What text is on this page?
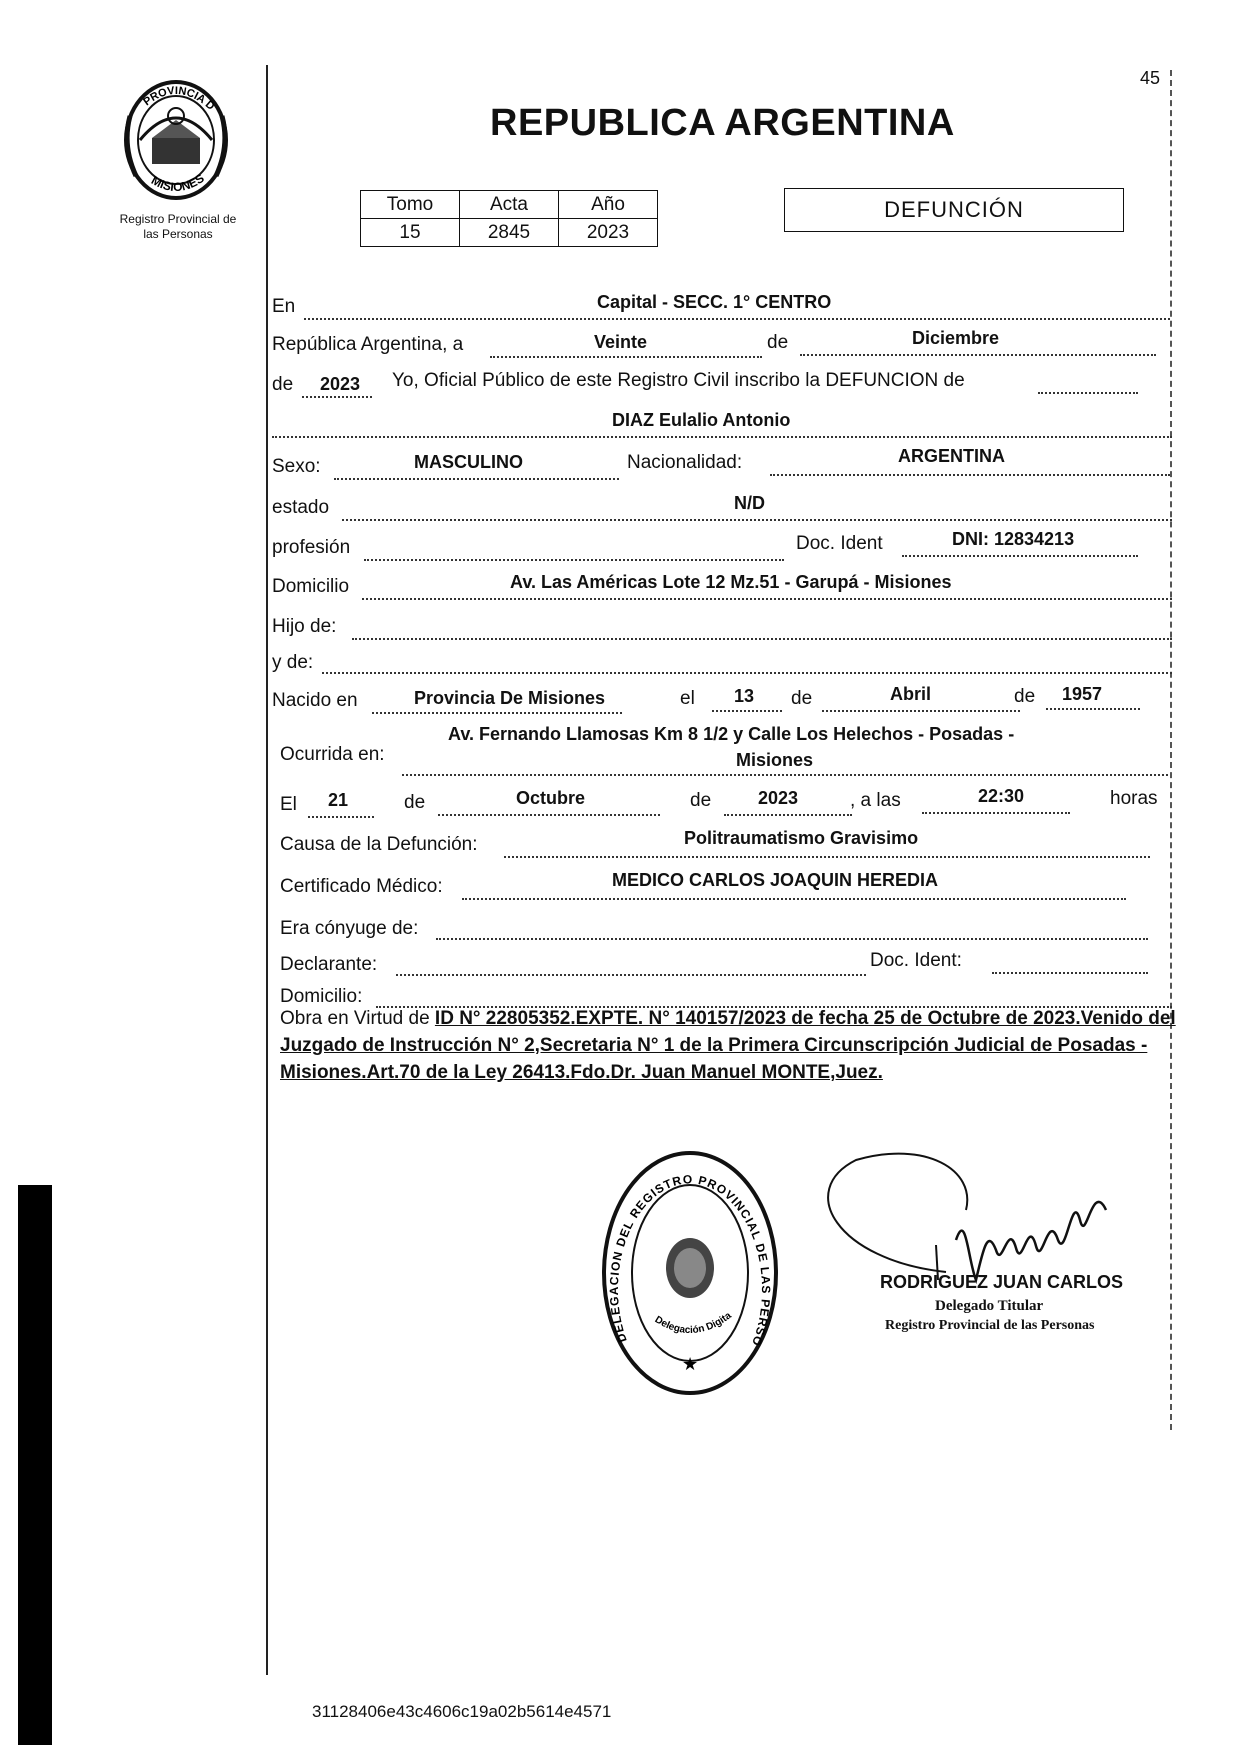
PROVINCIA D
MISIONES
Registro Provincial de
las Personas
REPUBLICA ARGENTINA
45
Tomo	Acta	Año
15	2845	2023
DEFUNCIÓN
En	Capital - SECC. 1° CENTRO
República Argentina, a	Veinte	de	Diciembre
de 2023 Yo, Oficial Público de este Registro Civil inscribo la DEFUNCION de
DIAZ Eulalio Antonio
Sexo:	MASCULINO	Nacionalidad:	ARGENTINA
estado	N/D
profesión	Doc. Ident	DNI: 12834213
Domicilio	Av. Las Américas Lote 12 Mz.51 - Garupá - Misiones
Hijo de:
y de:
Nacido en	Provincia De Misiones	el 13 de	Abril	de 1957
Ocurrida en:
Av. Fernando Llamosas Km 8 1/2 y Calle Los Helechos - Posadas -
Misiones
El 21	de	Octubre	de	2023	, a las	22:30	horas
Causa de la Defunción:	Politraumatismo Gravisimo
Certificado Médico:	MEDICO CARLOS JOAQUIN HEREDIA
Era cónyuge de:
Declarante:	Doc. Ident:
Domicilio:
Obra en Virtud de ID N° 22805352.EXPTE. N° 140157/2023 de fecha 25 de Octubre de 2023.Venido del Juzgado de Instrucción N° 2,Secretaria N° 1 de la Primera Circunscripción Judicial de Posadas - Misiones.Art.70 de la Ley 26413.Fdo.Dr. Juan Manuel MONTE,Juez.
DELEGACION DEL REGISTRO PROVINCIAL DE LAS PERSO
Delegación Digita
★
RODRIGUEZ JUAN CARLOS
Delegado Titular
Registro Provincial de las Personas
31128406e43c4606c19a02b5614e4571
